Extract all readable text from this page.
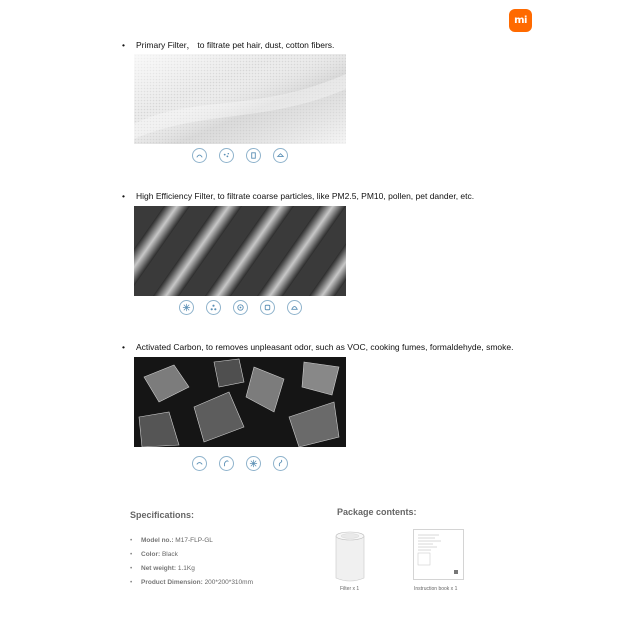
mi
• Primary Filter， to filtrate pet hair, dust, cotton fibers.
• High Efficiency Filter, to filtrate coarse particles, like PM2.5, PM10, pollen, pet dander, etc.
• Activated Carbon, to removes unpleasant odor, such as VOC, cooking fumes, formaldehyde, smoke.
Specifications:
• Model no.: M17-FLP-GL
• Color: Black
• Net weight: 1.1Kg
• Product Dimension: 200*200*310mm
Package contents:
Filter x 1	Instruction book x 1
